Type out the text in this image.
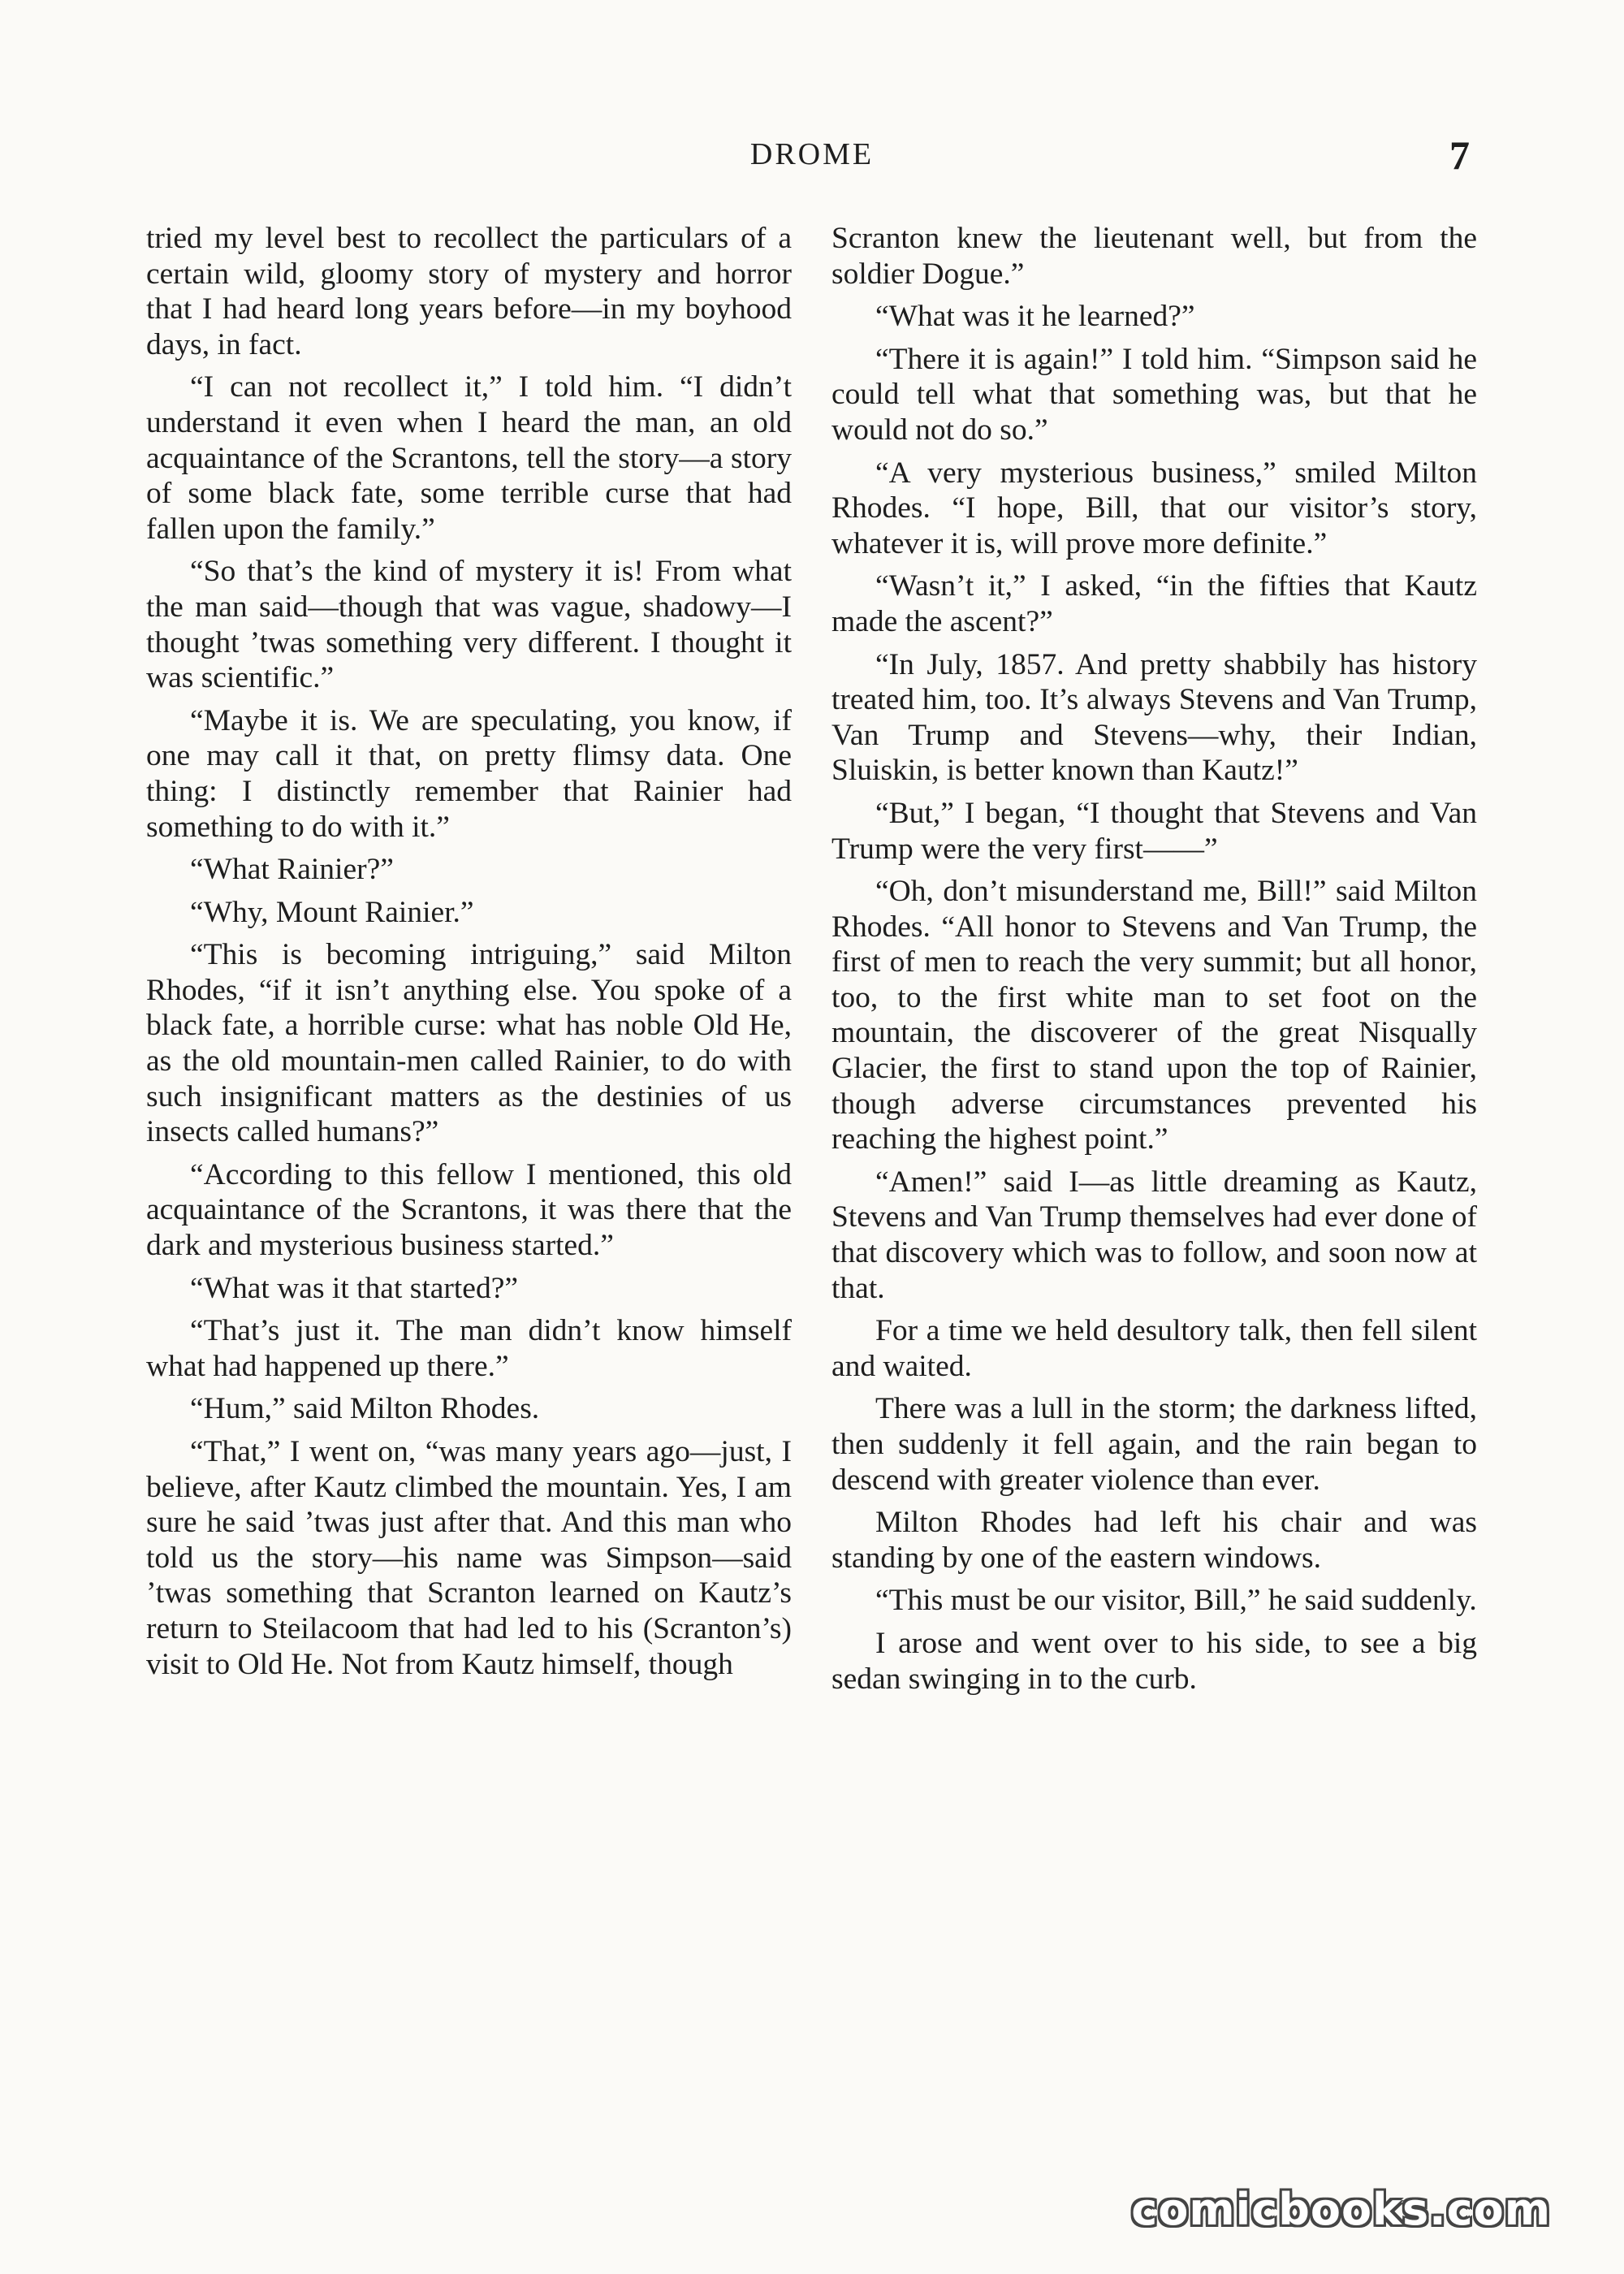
DROME	7

tried my level best to recollect the particulars of a certain wild, gloomy story of mystery and horror that I had heard long years before—in my boyhood days, in fact.

“I can not recollect it,” I told him. “I didn’t understand it even when I heard the man, an old acquaintance of the Scrantons, tell the story—a story of some black fate, some terrible curse that had fallen upon the family.”

“So that’s the kind of mystery it is! From what the man said—though that was vague, shadowy—I thought ’twas something very different. I thought it was scientific.”

“Maybe it is. We are speculating, you know, if one may call it that, on pretty flimsy data. One thing: I distinctly remember that Rainier had something to do with it.”

“What Rainier?”

“Why, Mount Rainier.”

“This is becoming intriguing,” said Milton Rhodes, “if it isn’t anything else. You spoke of a black fate, a horrible curse: what has noble Old He, as the old mountain-men called Rainier, to do with such insignificant matters as the destinies of us insects called humans?”

“According to this fellow I mentioned, this old acquaintance of the Scrantons, it was there that the dark and mysterious business started.”

“What was it that started?”

“That’s just it. The man didn’t know himself what had happened up there.”

“Hum,” said Milton Rhodes.

“That,” I went on, “was many years ago—just, I believe, after Kautz climbed the mountain. Yes, I am sure he said ’twas just after that. And this man who told us the story—his name was Simpson—said ’twas something that Scranton learned on Kautz’s return to Steilacoom that had led to his (Scranton’s) visit to Old He. Not from Kautz himself, though

Scranton knew the lieutenant well, but from the soldier Dogue.”

“What was it he learned?”

“There it is again!” I told him. “Simpson said he could tell what that something was, but that he would not do so.”

“A very mysterious business,” smiled Milton Rhodes. “I hope, Bill, that our visitor’s story, whatever it is, will prove more definite.”

“Wasn’t it,” I asked, “in the fifties that Kautz made the ascent?”

“In July, 1857. And pretty shabbily has history treated him, too. It’s always Stevens and Van Trump, Van Trump and Stevens—why, their Indian, Sluiskin, is better known than Kautz!”

“But,” I began, “I thought that Stevens and Van Trump were the very first——”

“Oh, don’t misunderstand me, Bill!” said Milton Rhodes. “All honor to Stevens and Van Trump, the first of men to reach the very summit; but all honor, too, to the first white man to set foot on the mountain, the discoverer of the great Nisqually Glacier, the first to stand upon the top of Rainier, though adverse circumstances prevented his reaching the highest point.”

“Amen!” said I—as little dreaming as Kautz, Stevens and Van Trump themselves had ever done of that discovery which was to follow, and soon now at that.

For a time we held desultory talk, then fell silent and waited.

There was a lull in the storm; the darkness lifted, then suddenly it fell again, and the rain began to descend with greater violence than ever.

Milton Rhodes had left his chair and was standing by one of the eastern windows.

“This must be our visitor, Bill,” he said suddenly.

I arose and went over to his side, to see a big sedan swinging in to the curb.

comicbooks.com
